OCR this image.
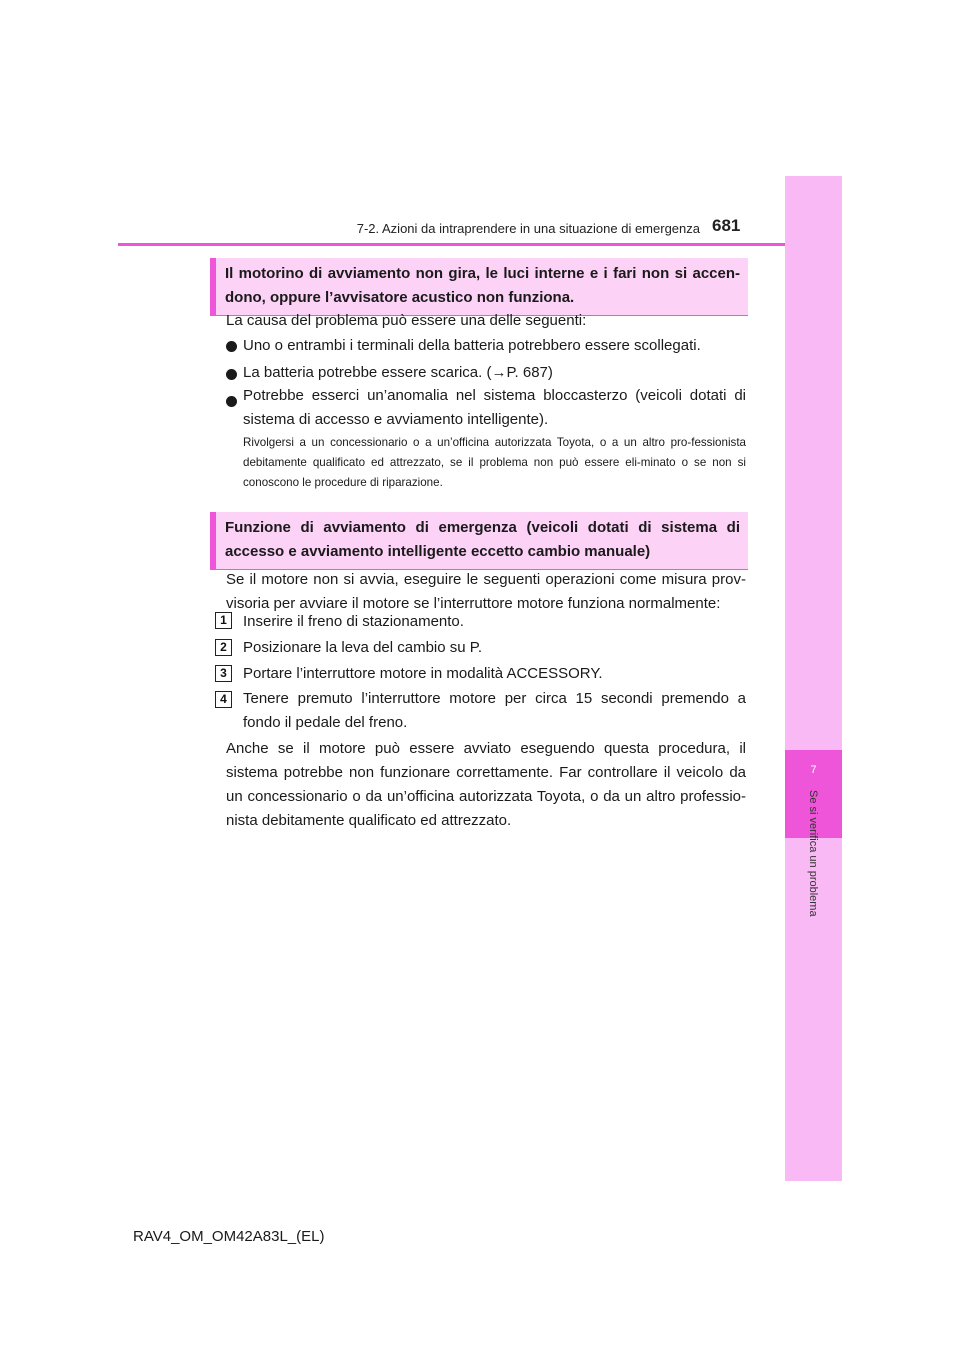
7
Se si verifica un problema
7-2. Azioni da intraprendere in una situazione di emergenza 681
Il motorino di avviamento non gira, le luci interne e i fari non si accen-dono, oppure l’avvisatore acustico non funziona.
La causa del problema può essere una delle seguenti:
Uno o entrambi i terminali della batteria potrebbero essere scollegati.
La batteria potrebbe essere scarica. (→P. 687)
Potrebbe esserci un’anomalia nel sistema bloccasterzo (veicoli dotati di sistema di accesso e avviamento intelligente).
Rivolgersi a un concessionario o a un’officina autorizzata Toyota, o a un altro pro-fessionista debitamente qualificato ed attrezzato, se il problema non può essere eli-minato o se non si conoscono le procedure di riparazione.
Funzione di avviamento di emergenza (veicoli dotati di sistema di accesso e avviamento intelligente eccetto cambio manuale)
Se il motore non si avvia, eseguire le seguenti operazioni come misura prov-visoria per avviare il motore se l’interruttore motore funziona normalmente:
1	Inserire il freno di stazionamento.
2	Posizionare la leva del cambio su P.
3	Portare l’interruttore motore in modalità ACCESSORY.
4	Tenere premuto l’interruttore motore per circa 15 secondi premendo a fondo il pedale del freno.
Anche se il motore può essere avviato eseguendo questa procedura, il sistema potrebbe non funzionare correttamente. Far controllare il veicolo da un concessionario o da un’officina autorizzata Toyota, o da un altro professio-nista debitamente qualificato ed attrezzato.
RAV4_OM_OM42A83L_(EL)
